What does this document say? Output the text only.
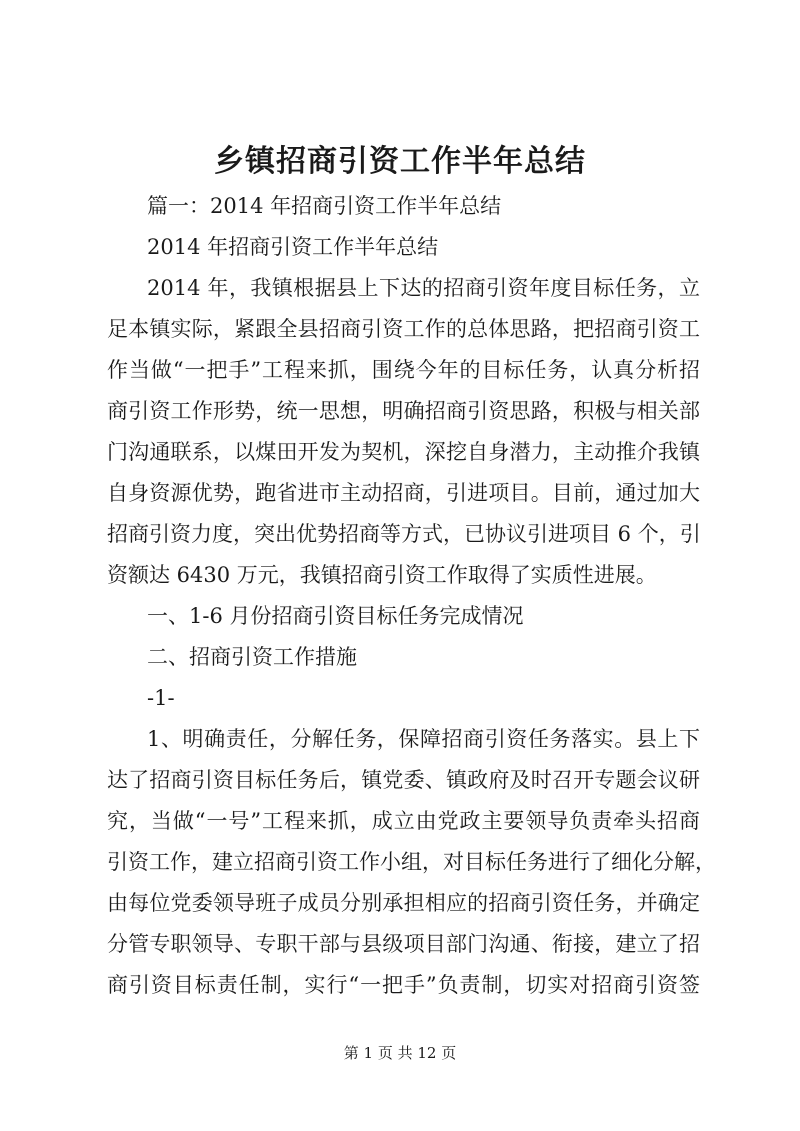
乡镇招商引资工作半年总结
篇一：2014 年招商引资工作半年总结
2014 年招商引资工作半年总结
2014 年，我镇根据县上下达的招商引资年度目标任务，立
足本镇实际，紧跟全县招商引资工作的总体思路，把招商引资工
作当做“一把手”工程来抓，围绕今年的目标任务，认真分析招
商引资工作形势，统一思想，明确招商引资思路，积极与相关部
门沟通联系，以煤田开发为契机，深挖自身潜力，主动推介我镇
自身资源优势，跑省进市主动招商，引进项目。目前，通过加大
招商引资力度，突出优势招商等方式，已协议引进项目 6 个，引
资额达 6430 万元，我镇招商引资工作取得了实质性进展。
一、1-6 月份招商引资目标任务完成情况
二、招商引资工作措施
-1-
1、明确责任，分解任务，保障招商引资任务落实。县上下
达了招商引资目标任务后，镇党委、镇政府及时召开专题会议研
究，当做“一号”工程来抓，成立由党政主要领导负责牵头招商
引资工作，建立招商引资工作小组，对目标任务进行了细化分解，
由每位党委领导班子成员分别承担相应的招商引资任务，并确定
分管专职领导、专职干部与县级项目部门沟通、衔接，建立了招
商引资目标责任制，实行“一把手”负责制，切实对招商引资签
第 1 页 共 12 页
